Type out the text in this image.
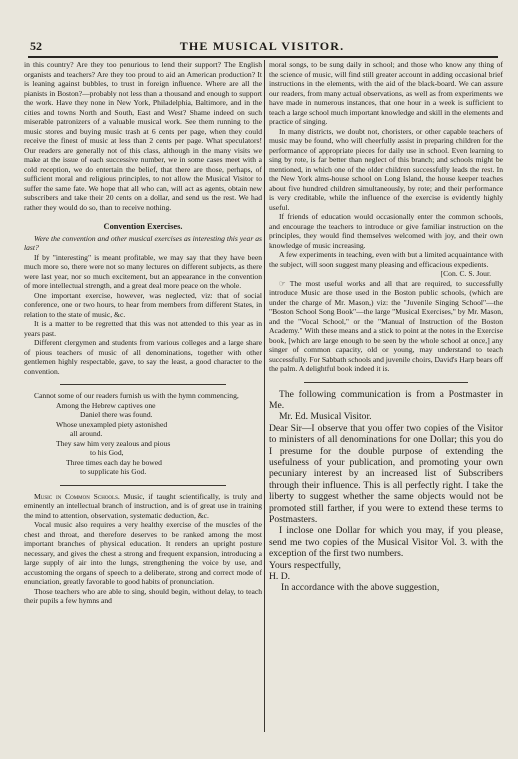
52	THE MUSICAL VISITOR.

in this country? Are they too penurious to lend their support? The English organists and teachers? Are they too proud to aid an American production? It is leaning against bubbles, to trust in foreign influence. Where are all the pianists in Boston?—probably not less than a thousand and enough to support the work. Have they none in New York, Philadelphia, Baltimore, and in the cities and towns North and South, East and West? Shame indeed on such miserable patronizers of a valuable musical work. See them running to the music stores and buying music trash at 6 cents per page, when they could receive the finest of music at less than 2 cents per page. What speculators! Our readers are generally not of this class, although in the many visits we make at the issue of each successive number, we in some cases meet with a cold reception, we do entertain the belief, that there are those, perhaps, of sufficient moral and religious principles, to not allow the Musical Visitor to suffer the same fate. We hope that all who can, will act as agents, obtain new subscribers and take their 20 cents on a dollar, and send us the rest. We had rather they would do so, than to receive nothing.

Convention Exercises.

Were the convention and other musical exercises as interesting this year as last?

If by "interesting" is meant profitable, we may say that they have been much more so, there were not so many lectures on different subjects, as there were last year, nor so much excitement, but an appearance in the convention of more intellectual strength, and a great deal more peace on the whole.

One important exercise, however, was neglected, viz: that of social conference, one or two hours, to hear from members from different States, in relation to the state of music, &c.

It is a matter to be regretted that this was not attended to this year as in years past.

Different clergymen and students from various colleges and a large share of pious teachers of music of all denominations, together with other gentlemen highly respectable, gave, to say the least, a good character to the convention.

Cannot some of our readers furnish us with the hymn commencing,

Among the Hebrew captives one
Daniel there was found.
Whose unexampled piety astonished
all around.
They saw him very zealous and pious
to his God,
Three times each day he bowed
to supplicate his God.

Music in Common Schools. Music, if taught scientifically, is truly and eminently an intellectual branch of instruction, and is of great use in training the mind to attention, observation, systematic deduction, &c.

Vocal music also requires a very healthy exercise of the muscles of the chest and throat, and therefore deserves to be ranked among the most important branches of physical education. It renders an upright posture necessary, and gives the chest a strong and frequent expansion, introducing a large supply of air into the lungs, strengthening the voice by use, and accustoming the organs of speech to a deliberate, strong and correct mode of enunciation, greatly favorable to good habits of pronunciation.

Those teachers who are able to sing, should begin, without delay, to teach their pupils a few hymns and

moral songs, to be sung daily in school; and those who know any thing of the science of music, will find still greater account in adding occasional brief instructions in the elements, with the aid of the black-board. We can assure our readers, from many actual observations, as well as from experiments we have made in numerous instances, that one hour in a week is sufficient to teach a large school much important knowledge and skill in the elements and practice of singing.

In many districts, we doubt not, choristers, or other capable teachers of music may be found, who will cheerfully assist in preparing children for the performance of appropriate pieces for daily use in school. Even learning to sing by rote, is far better than neglect of this branch; and schools might be mentioned, in which one of the older children successfully leads the rest. In the New York alms-house school on Long Island, the house keeper teaches about five hundred children simultaneously, by rote; and their performance is very creditable, while the influence of the exercise is evidently highly useful.

If friends of education would occasionally enter the common schools, and encourage the teachers to introduce or give familiar instruction on the principles, they would find themselves welcomed with joy, and their own knowledge of music increasing.

A few experiments in teaching, even with but a limited acquaintance with the subject, will soon suggest many pleasing and efficacious expedients.

[Con. C. S. Jour.

☞ The most useful works and all that are required, to successfully introduce Music are those used in the Boston public schools, (which are under the charge of Mr. Mason,) viz: the "Juvenile Singing School"—the "Boston School Song Book"—the large "Musical Exercises," by Mr. Mason, and the "Vocal School," or the "Manual of Instruction of the Boston Academy." With these means and a stick to point at the notes in the Exercise book, [which are large enough to be seen by the whole school at once,] any singer of common capacity, old or young, may understand to teach successfully. For Sabbath schools and juvenile choirs, David's Harp bears off the palm. A delightful book indeed it is.

The following communication is from a Postmaster in Me.

Mr. Ed. Musical Visitor.

Dear Sir—I observe that you offer two copies of the Visitor to ministers of all denominations for one Dollar; this you do I presume for the double purpose of extending the usefulness of your publication, and promoting your own pecuniary interest by an increased list of Subscribers through their influence. This is all perfectly right. I take the liberty to suggest whether the same objects would not be promoted still farther, if you were to extend these terms to Postmasters.

I inclose one Dollar for which you may, if you please, send me two copies of the Musical Visitor Vol. 3. with the exception of the first two numbers.

Yours respectfully,

H. D.

In accordance with the above suggestion,
